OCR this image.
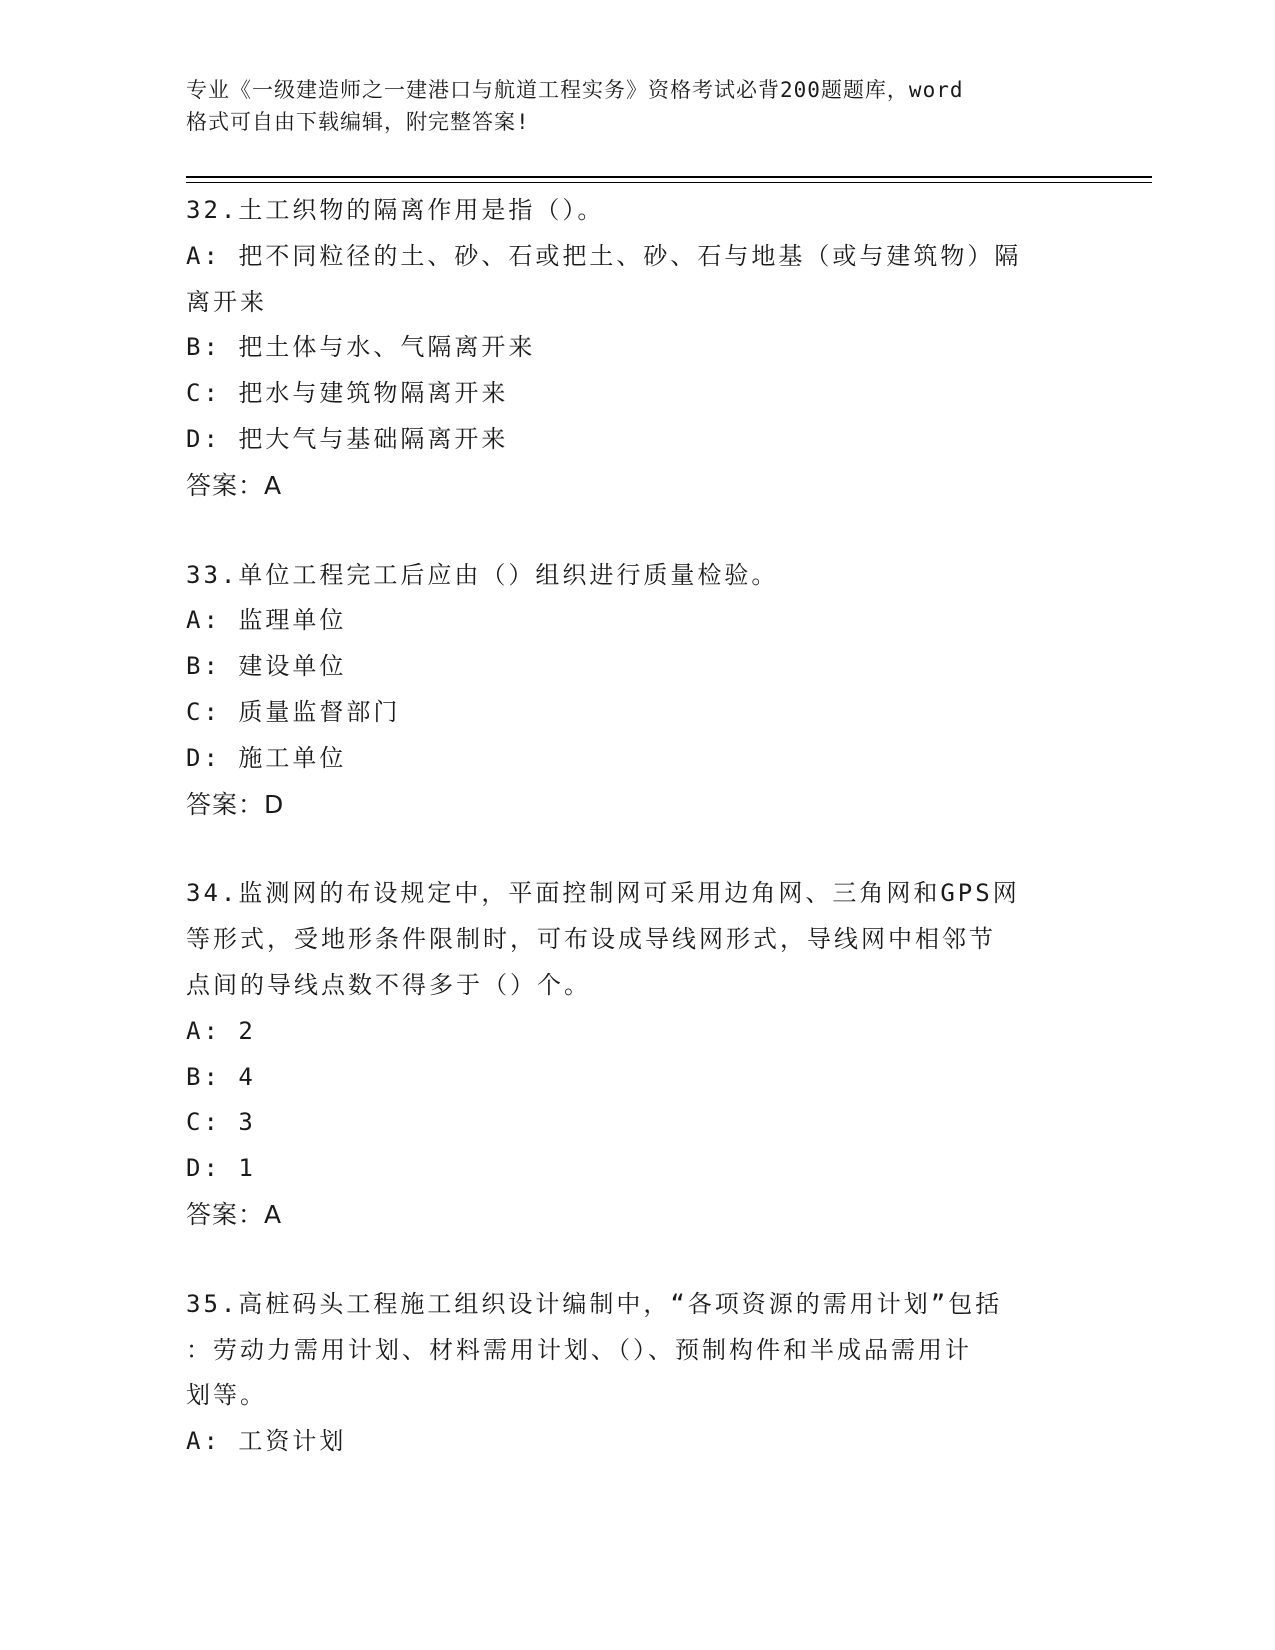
专业《一级建造师之一建港口与航道工程实务》资格考试必背200题题库，word

格式可自由下载编辑，附完整答案!

32.土工织物的隔离作用是指（）。
A: 把不同粒径的土、砂、石或把土、砂、石与地基（或与建筑物）隔
离开来
B: 把土体与水、气隔离开来
C: 把水与建筑物隔离开来
D: 把大气与基础隔离开来
答案：A
33.单位工程完工后应由（）组织进行质量检验。
A: 监理单位
B: 建设单位
C: 质量监督部门
D: 施工单位
答案：D
34.监测网的布设规定中，平面控制网可采用边角网、三角网和GPS网
等形式，受地形条件限制时，可布设成导线网形式，导线网中相邻节
点间的导线点数不得多于（）个。
A: 2
B: 4
C: 3
D: 1
答案：A
35.高桩码头工程施工组织设计编制中，“各项资源的需用计划”包括
：劳动力需用计划、材料需用计划、（）、预制构件和半成品需用计
划等。
A: 工资计划
